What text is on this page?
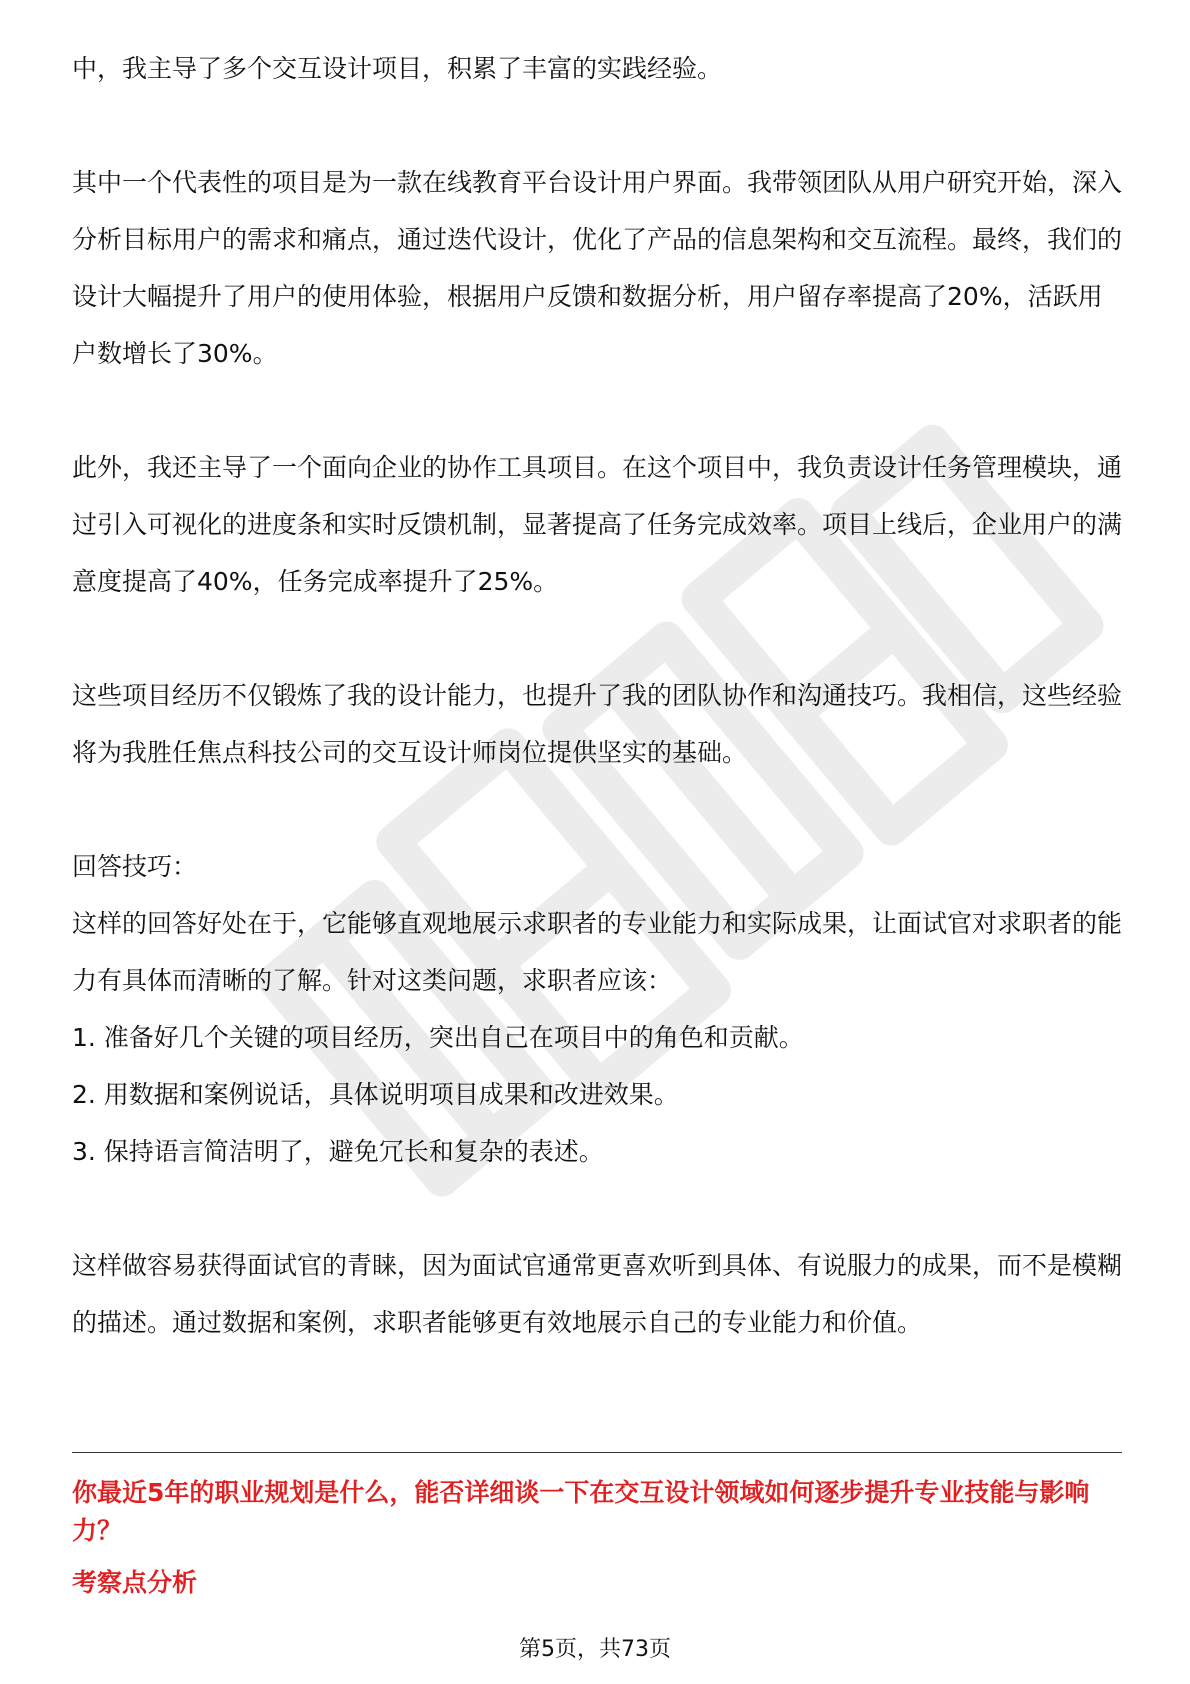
中，我主导了多个交互设计项目，积累了丰富的实践经验。

其中一个代表性的项目是为一款在线教育平台设计用户界面。我带领团队从用户研究开始，深入分析目标用户的需求和痛点，通过迭代设计，优化了产品的信息架构和交互流程。最终，我们的设计大幅提升了用户的使用体验，根据用户反馈和数据分析，用户留存率提高了20%，活跃用户数增长了30%。

此外，我还主导了一个面向企业的协作工具项目。在这个项目中，我负责设计任务管理模块，通过引入可视化的进度条和实时反馈机制，显著提高了任务完成效率。项目上线后，企业用户的满意度提高了40%，任务完成率提升了25%。

这些项目经历不仅锻炼了我的设计能力，也提升了我的团队协作和沟通技巧。我相信，这些经验将为我胜任焦点科技公司的交互设计师岗位提供坚实的基础。

回答技巧：

这样的回答好处在于，它能够直观地展示求职者的专业能力和实际成果，让面试官对求职者的能力有具体而清晰的了解。针对这类问题，求职者应该：

1. 准备好几个关键的项目经历，突出自己在项目中的角色和贡献。

2. 用数据和案例说话，具体说明项目成果和改进效果。

3. 保持语言简洁明了，避免冗长和复杂的表述。

这样做容易获得面试官的青睐，因为面试官通常更喜欢听到具体、有说服力的成果，而不是模糊的描述。通过数据和案例，求职者能够更有效地展示自己的专业能力和价值。

你最近5年的职业规划是什么，能否详细谈一下在交互设计领域如何逐步提升专业技能与影响力？

考察点分析

第5页，共73页
